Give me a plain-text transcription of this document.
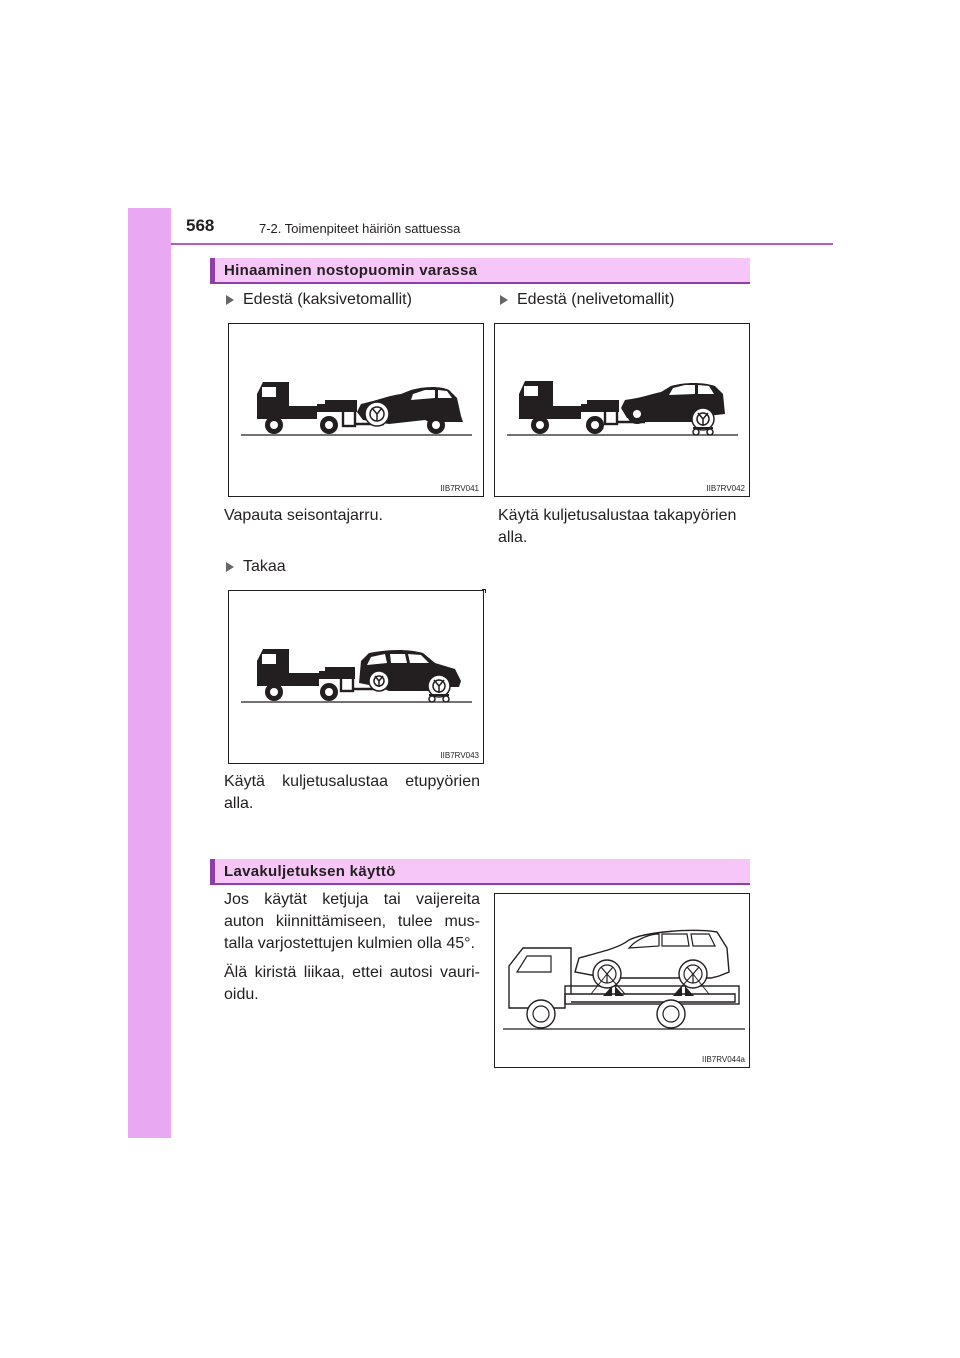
568	7-2. Toimenpiteet häiriön sattuessa
Hinaaminen nostopuomin varassa
Edestä (kaksivetomallit)	Edestä (nelivetomallit)
IIB7RV041	IIB7RV042
Vapauta seisontajarru.	Käytä kuljetusalustaa takapyörien
alla.
Takaa
IIB7RV043
Käytä kuljetusalustaa etupyörien
alla.
Lavakuljetuksen käyttö
Jos käytät ketjuja tai vaijereita
auton kiinnittämiseen, tulee mus-
talla varjostettujen kulmien olla 45°.
Älä kiristä liikaa, ettei autosi vauri-
oidu.
IIB7RV044a
